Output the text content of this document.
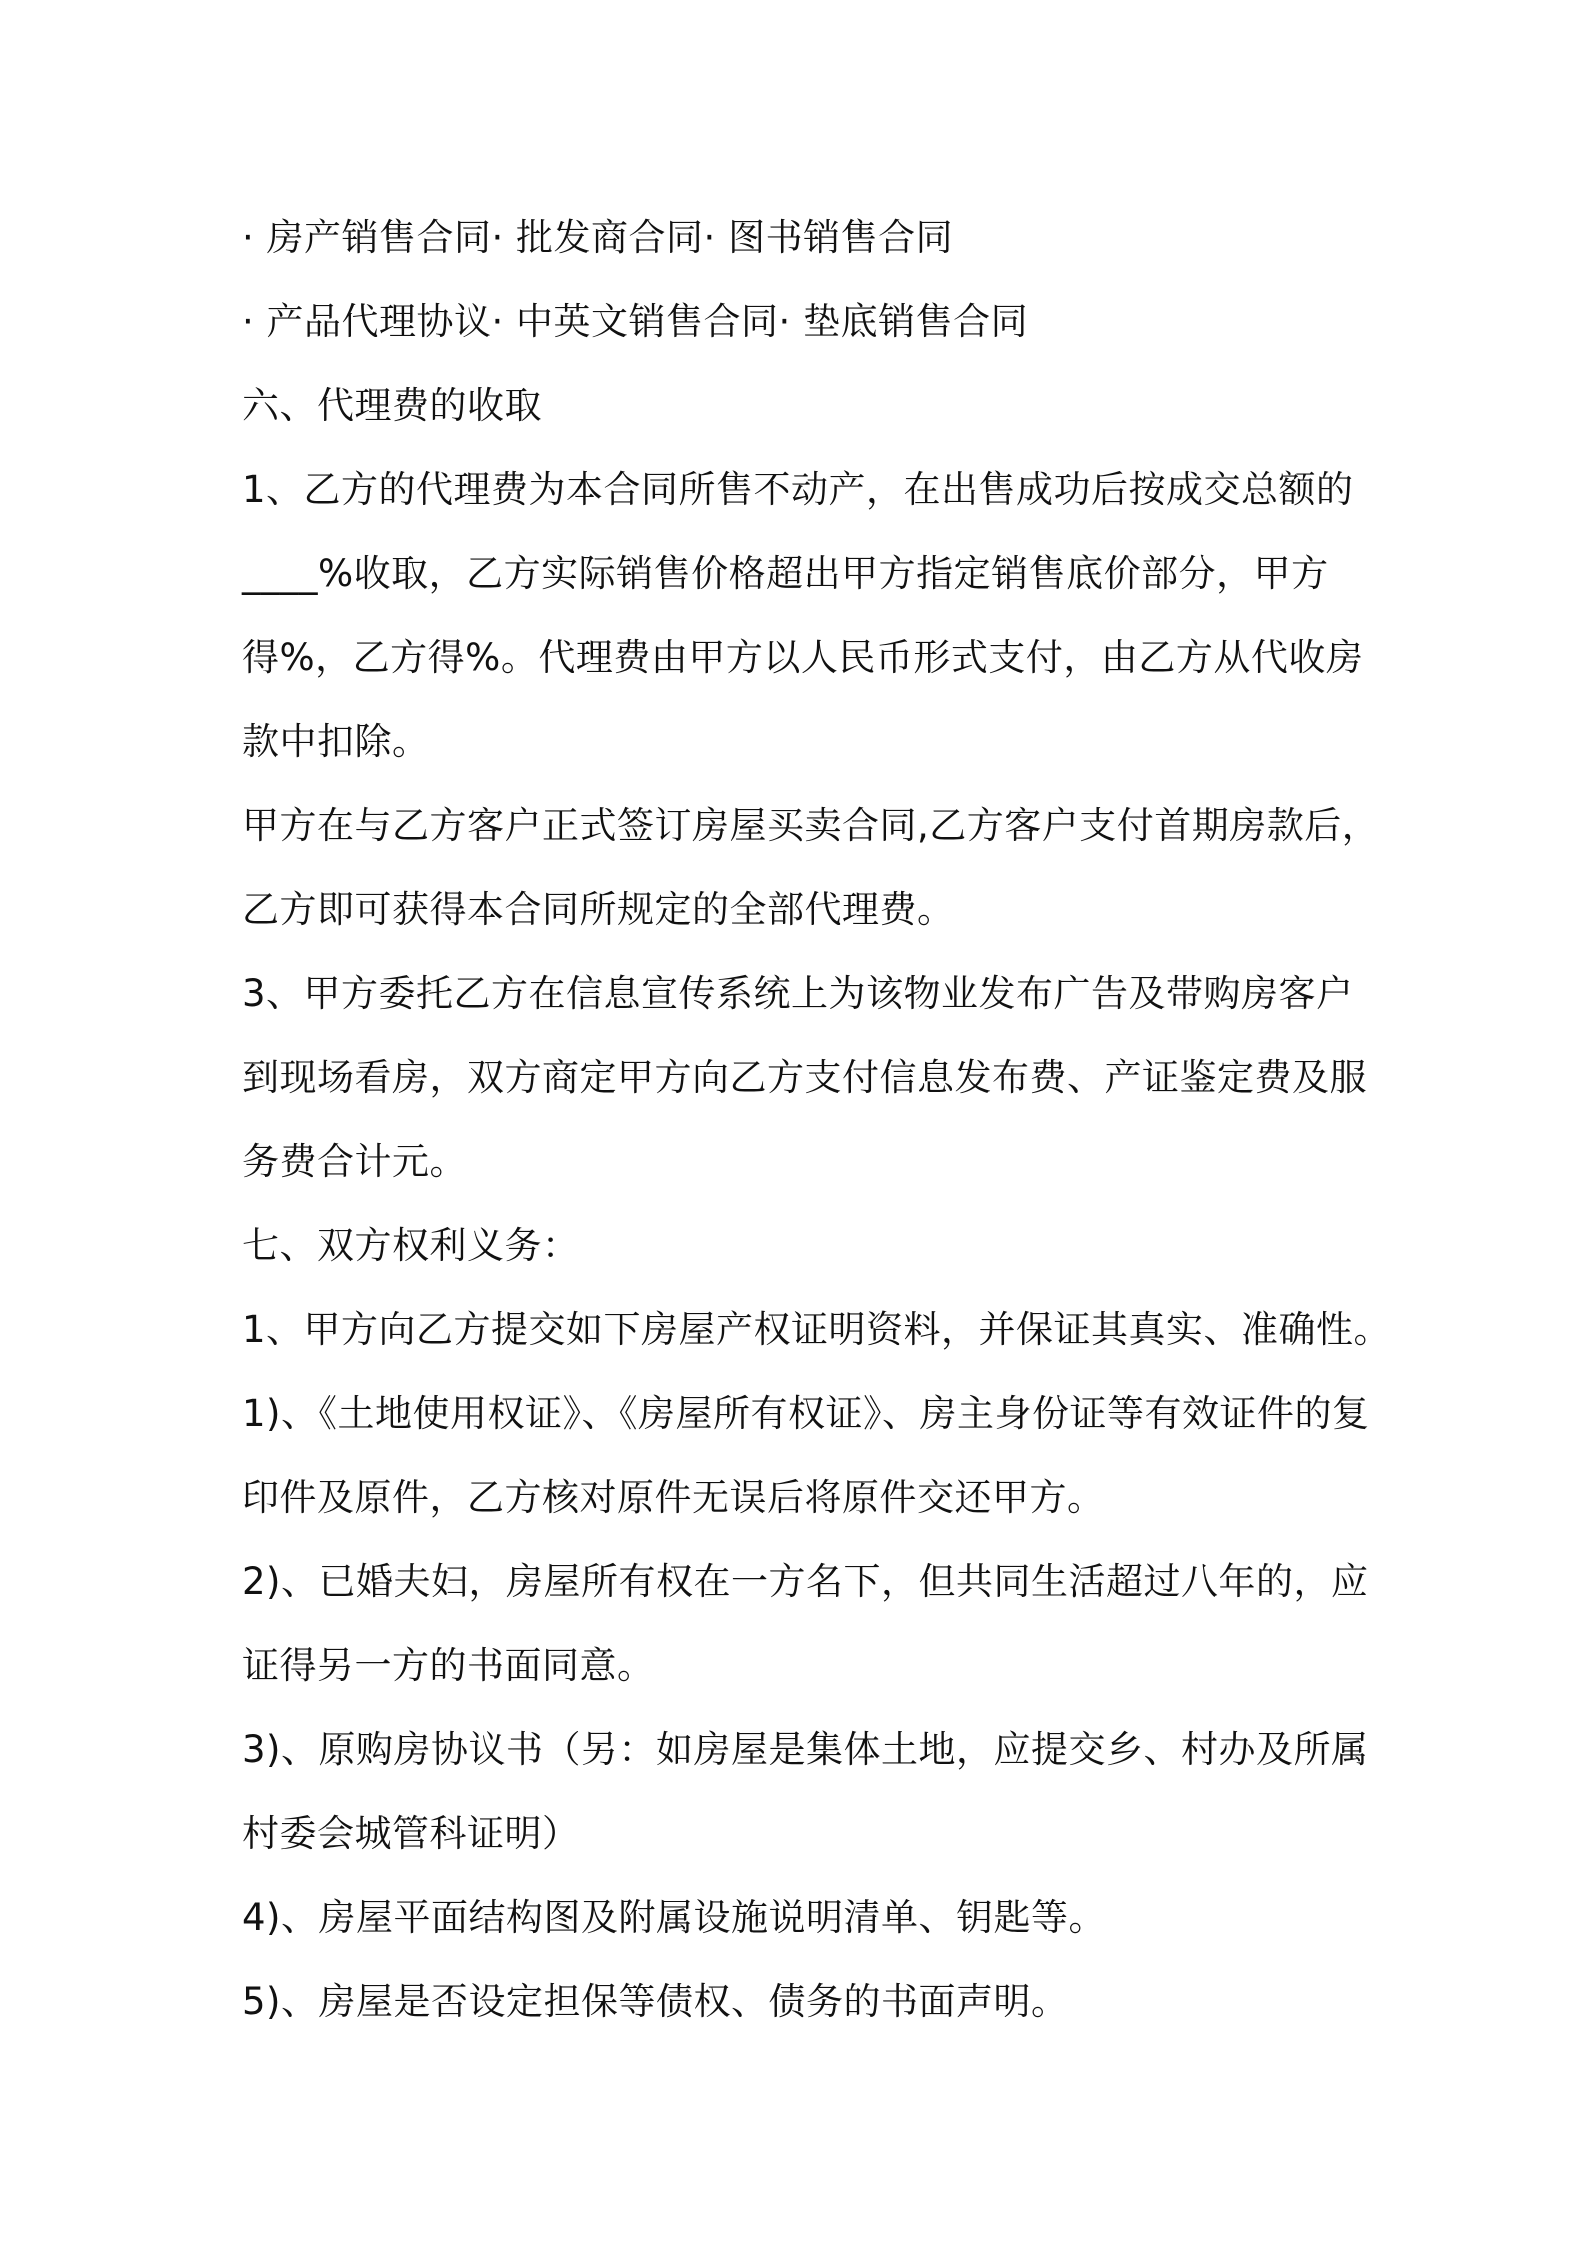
· 房产销售合同· 批发商合同· 图书销售合同
· 产品代理协议· 中英文销售合同· 垫底销售合同
六、代理费的收取
1、乙方的代理费为本合同所售不动产，在出售成功后按成交总额的
____%收取，乙方实际销售价格超出甲方指定销售底价部分，甲方
得%，乙方得%。代理费由甲方以人民币形式支付，由乙方从代收房
款中扣除。
甲方在与乙方客户正式签订房屋买卖合同,乙方客户支付首期房款后，
乙方即可获得本合同所规定的全部代理费。
3、甲方委托乙方在信息宣传系统上为该物业发布广告及带购房客户
到现场看房，双方商定甲方向乙方支付信息发布费、产证鉴定费及服
务费合计元。
七、双方权利义务：
1、甲方向乙方提交如下房屋产权证明资料，并保证其真实、准确性。
1)、《土地使用权证》、《房屋所有权证》、房主身份证等有效证件的复
印件及原件，乙方核对原件无误后将原件交还甲方。
2)、已婚夫妇，房屋所有权在一方名下，但共同生活超过八年的，应
证得另一方的书面同意。
3)、原购房协议书（另：如房屋是集体土地，应提交乡、村办及所属
村委会城管科证明）
4)、房屋平面结构图及附属设施说明清单、钥匙等。
5)、房屋是否设定担保等债权、债务的书面声明。
